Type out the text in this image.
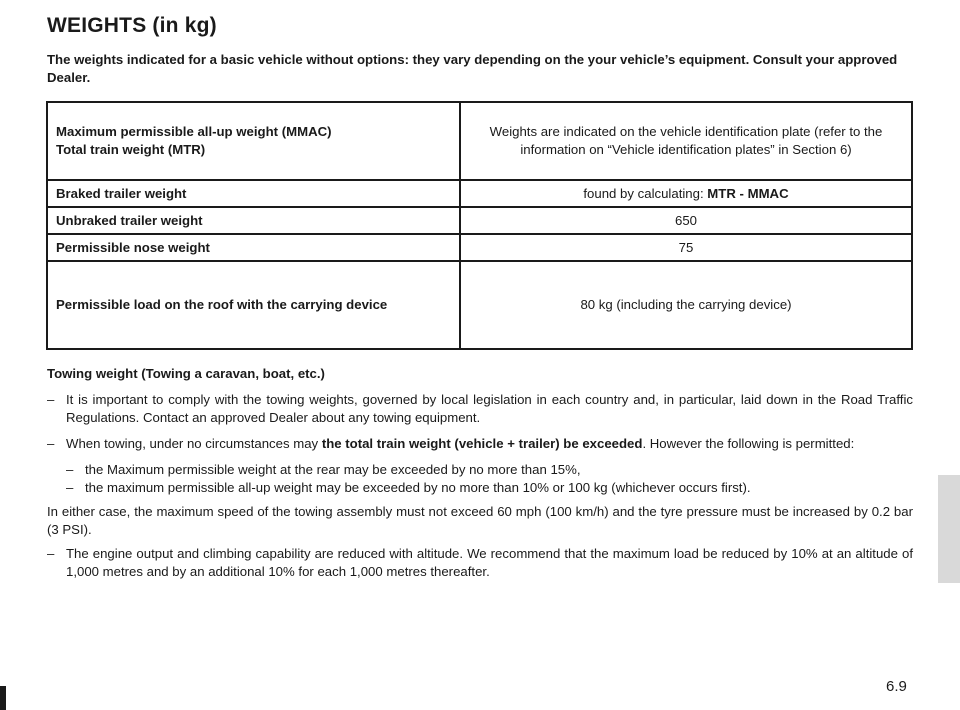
WEIGHTS (in kg)

The weights indicated for a basic vehicle without options: they vary depending on the your vehicle’s equipment. Consult your approved Dealer.

Maximum permissible all-up weight (MMAC)
Total train weight (MTR)	Weights are indicated on the vehicle identification plate (refer to the information on “Vehicle identification plates” in Section 6)
Braked trailer weight	found by calculating: MTR - MMAC
Unbraked trailer weight	650
Permissible nose weight	75
Permissible load on the roof with the carrying device	80 kg (including the carrying device)

Towing weight (Towing a caravan, boat, etc.)

– It is important to comply with the towing weights, governed by local legislation in each country and, in particular, laid down in the Road Traffic Regulations. Contact an approved Dealer about any towing equipment.

– When towing, under no circumstances may the total train weight (vehicle + trailer) be exceeded. However the following is permitted:

– the Maximum permissible weight at the rear may be exceeded by no more than 15%,

– the maximum permissible all-up weight may be exceeded by no more than 10% or 100 kg (whichever occurs first).

In either case, the maximum speed of the towing assembly must not exceed 60 mph (100 km/h) and the tyre pressure must be increased by 0.2 bar (3 PSI).

– The engine output and climbing capability are reduced with altitude. We recommend that the maximum load be reduced by 10% at an altitude of 1,000 metres and by an additional 10% for each 1,000 metres thereafter.

6.9
